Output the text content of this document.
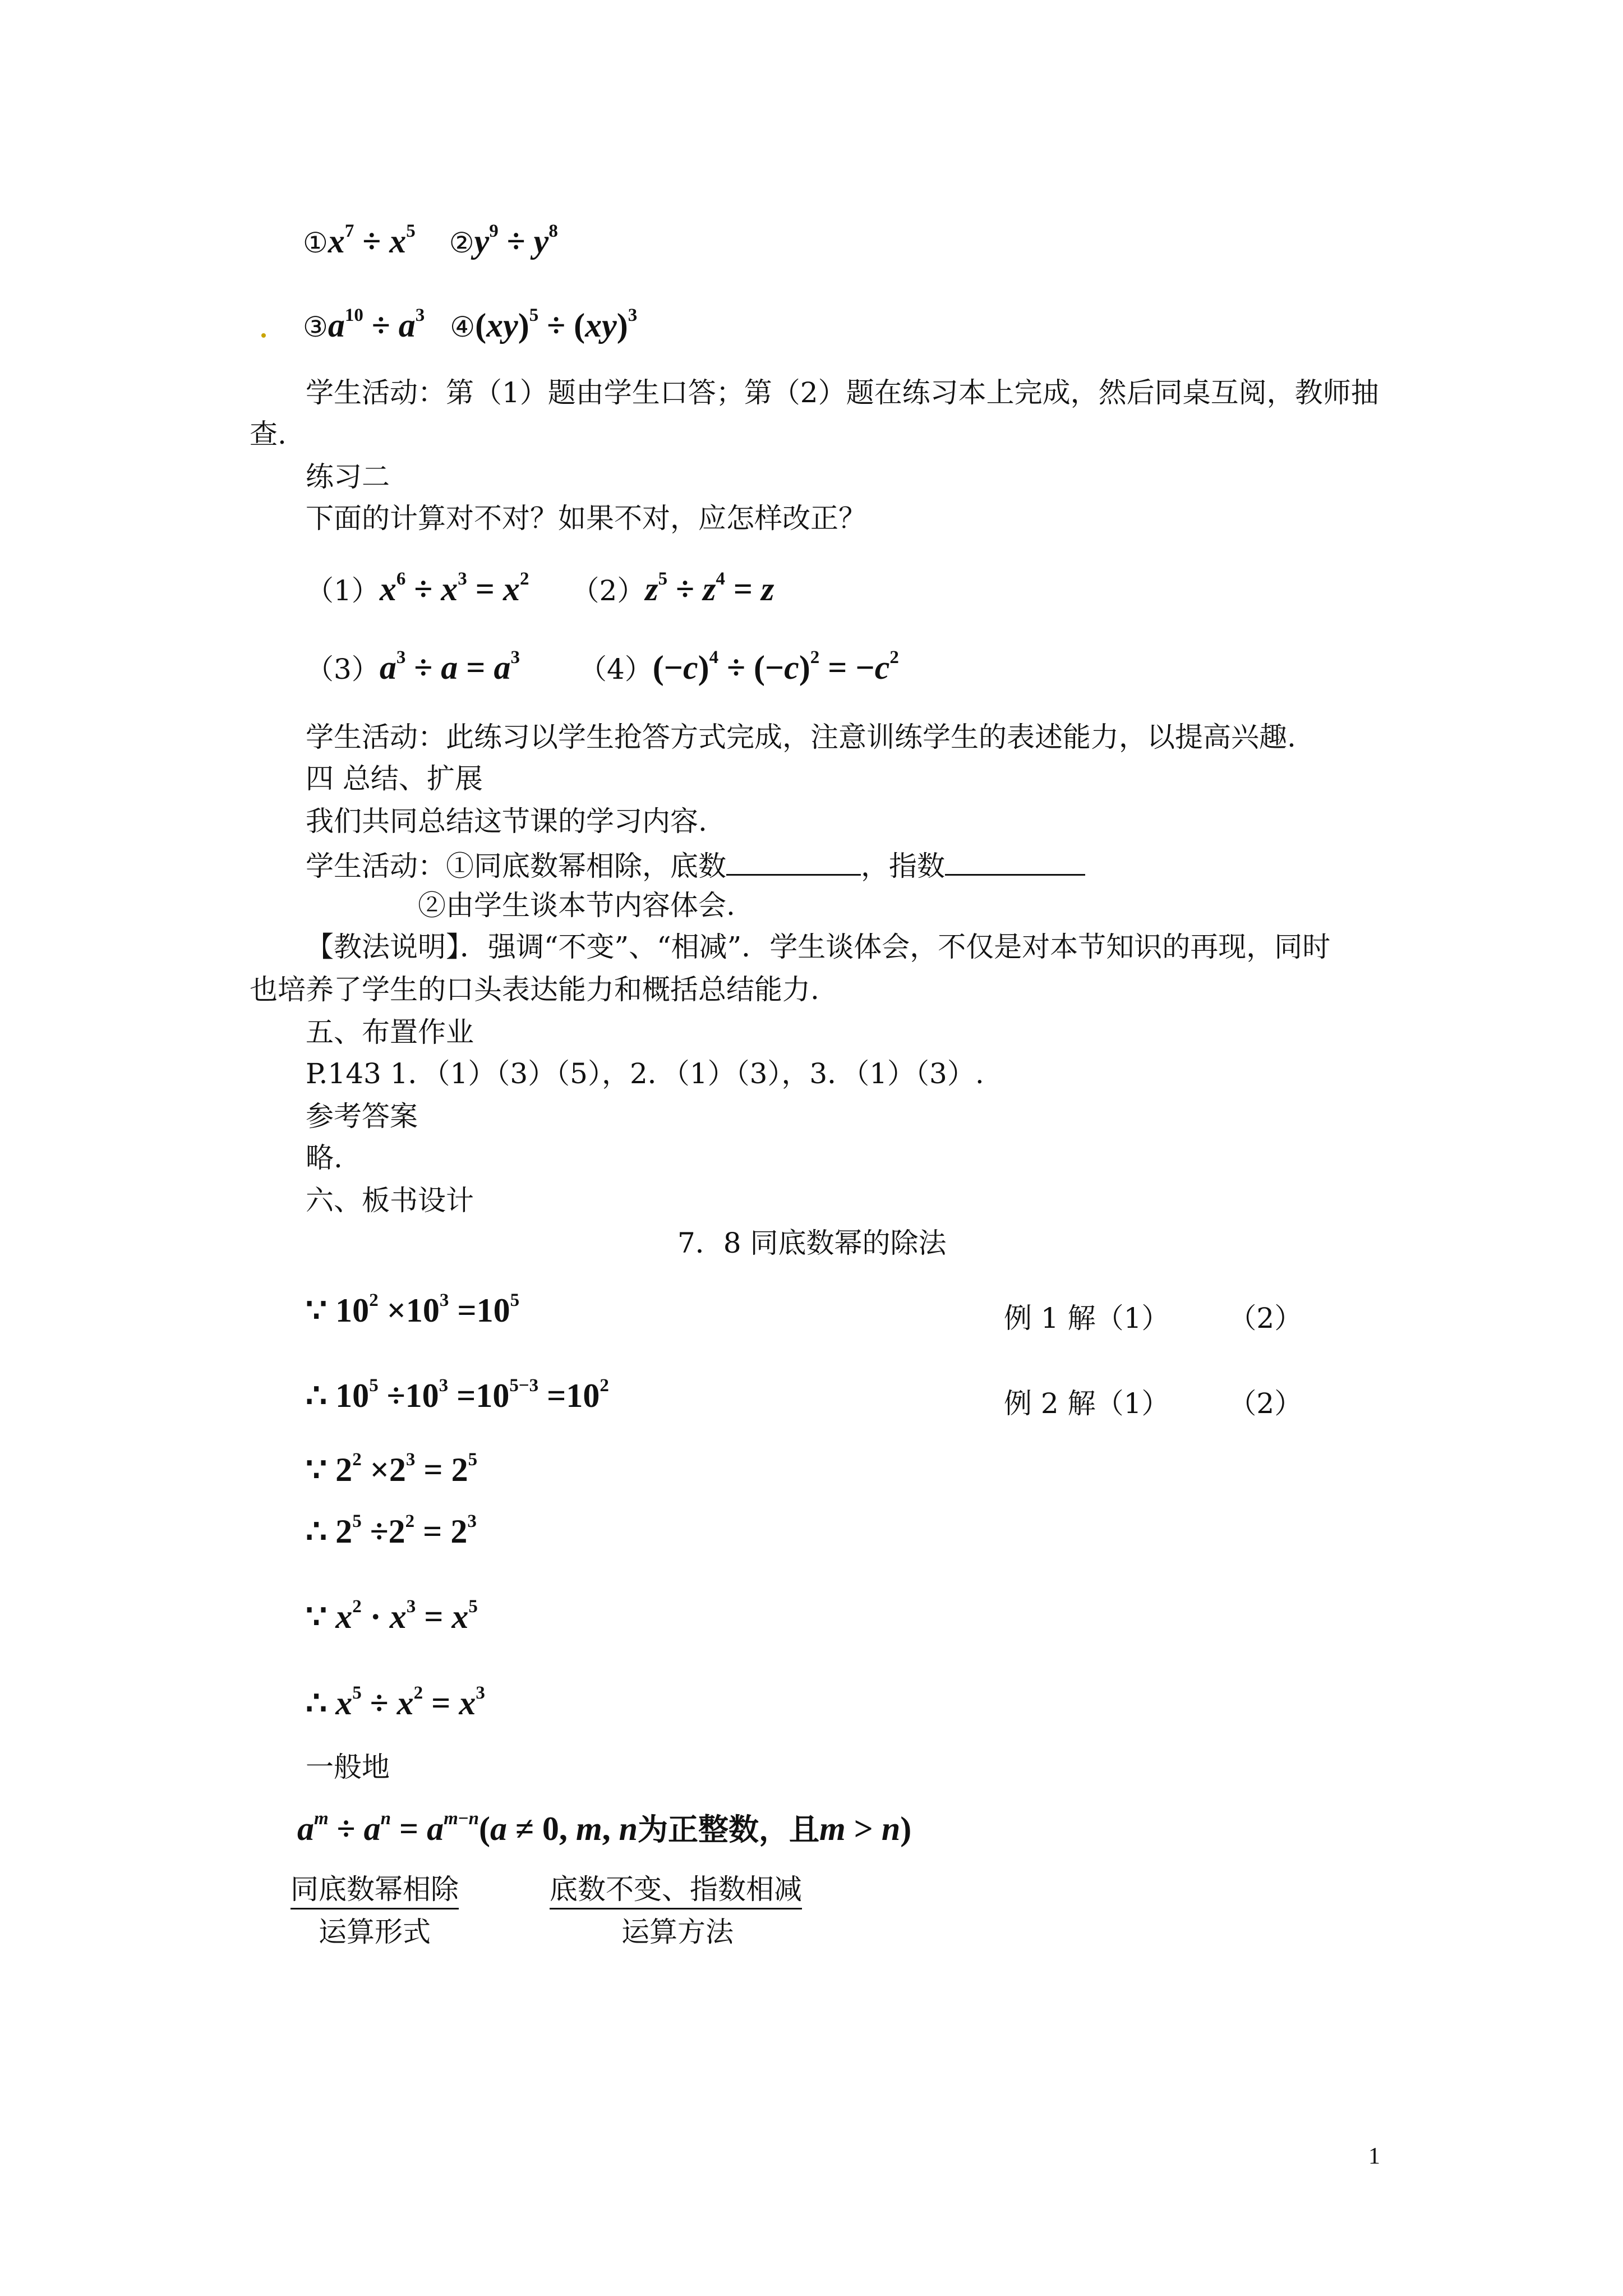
$①x^7 \div x^5$ $②y^9 \div y^8$
$③a^{10} \div a^3$ ④(xy)$^5$ ÷ (xy)$^3$
学生活动：第（1）题由学生口答；第（2）题在练习本上完成，然后同桌互阅，教师抽
查.
练习二
下面的计算对不对？如果不对，应怎样改正？
$(1)x^6 \div x^3 = x^2$ $(2)z^5 \div z^4 = z$
$(3)a^3 \div a = a^3$ $(4)(-c)^4 \div (-c)^2 = -c^2$
学生活动：此练习以学生抢答方式完成，注意训练学生的表述能力，以提高兴趣.
四 总结、扩展
我们共同总结这节课的学习内容.
学生活动：①同底数幂相除，底数	，指数
②由学生谈本节内容体会.
【教法说明】．强调“不变”、“相减”．学生谈体会，不仅是对本节知识的再现，同时
也培养了学生的口头表达能力和概括总结能力.
五、布置作业
P.143 1．（1）（3）（5），2．（1）（3），3．（1）（3）.
参考答案
略.
六、板书设计
7．8 同底数幂的除法
∵ $10^2 \times 10^3 =10^5$
∴ $10^5 \div 10^3 =10^{5-3} =10^2$
∵ $2^2 \times 2^3 = 2^5$
∴ $2^5 \div 2^2 = 2^3$
∵ $x^2 \cdot x^3 = x^5$
∴ $x^5 \div x^2 = x^3$
例 1 解（1）	（2）
例 2 解（1）	（2）
一般地
$a^m \div a^n = a^{m-n}(a \ne 0$, m, n为正整数，且m > n)
同底数幂相除	底数不变、指数相减
运算形式	运算方法
1
